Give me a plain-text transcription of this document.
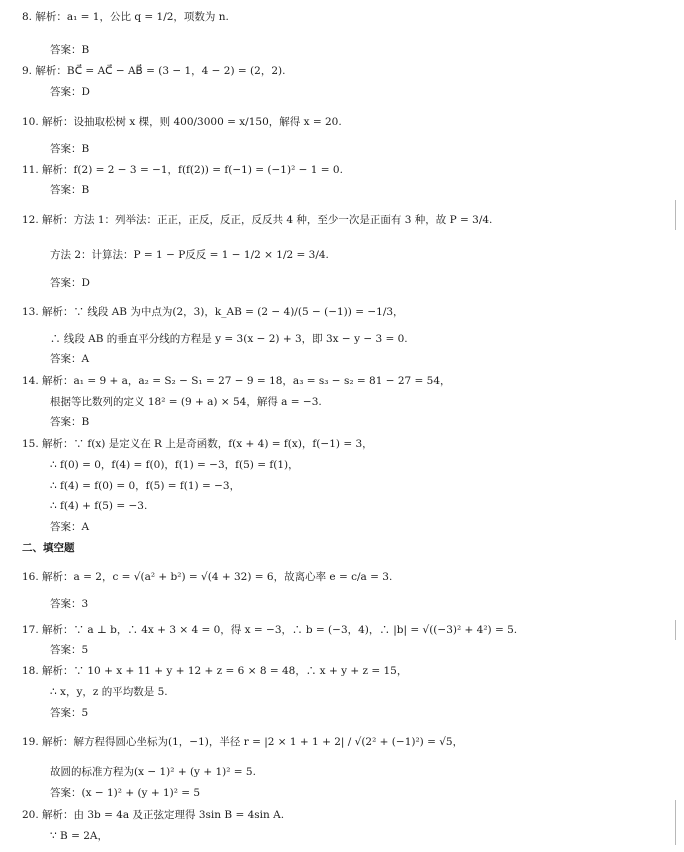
8. 解析：a₁ = 1，公比 q = 1/2，项数为 n.
答案：B
9. 解析：BC⃗ = AC⃗ − AB⃗ = (3 − 1，4 − 2) = (2，2).
答案：D
10. 解析：设抽取松树 x 棵，则 400/3000 = x/150，解得 x = 20.
答案：B
11. 解析：f(2) = 2 − 3 = −1，f(f(2)) = f(−1) = (−1)² − 1 = 0.
答案：B
12. 解析：方法 1：列举法：正正，正反，反正，反反共 4 种，至少一次是正面有 3 种，故 P = 3/4.
方法 2：计算法：P = 1 − P反反 = 1 − 1/2 × 1/2 = 3/4.
答案：D
13. 解析：∵ 线段 AB 为中点为(2，3)，k_AB = (2 − 4)/(5 − (−1)) = −1/3，
∴ 线段 AB 的垂直平分线的方程是 y = 3(x − 2) + 3，即 3x − y − 3 = 0.
答案：A
14. 解析：a₁ = 9 + a，a₂ = S₂ − S₁ = 27 − 9 = 18，a₃ = s₃ − s₂ = 81 − 27 = 54，
根据等比数列的定义 18² = (9 + a) × 54，解得 a = −3.
答案：B
15. 解析：∵ f(x) 是定义在 R 上是奇函数，f(x + 4) = f(x)，f(−1) = 3，
∴ f(0) = 0，f(4) = f(0)，f(1) = −3，f(5) = f(1)，
∴ f(4) = f(0) = 0，f(5) = f(1) = −3，
∴ f(4) + f(5) = −3.
答案：A
二、填空题
16. 解析：a = 2，c = √(a² + b²) = √(4 + 32) = 6，故离心率 e = c/a = 3.
答案：3
17. 解析：∵ a ⊥ b，∴ 4x + 3 × 4 = 0，得 x = −3，∴ b = (−3，4)，∴ |b| = √((−3)² + 4²) = 5.
答案：5
18. 解析：∵ 10 + x + 11 + y + 12 + z = 6 × 8 = 48，∴ x + y + z = 15，
∴ x，y，z 的平均数是 5.
答案：5
19. 解析：解方程得圆心坐标为(1，−1)，半径 r = |2 × 1 + 1 + 2| / √(2² + (−1)²) = √5，
故圆的标准方程为(x − 1)² + (y + 1)² = 5.
答案：(x − 1)² + (y + 1)² = 5
20. 解析：由 3b = 4a 及正弦定理得 3sin B = 4sin A.
∵ B = 2A，
